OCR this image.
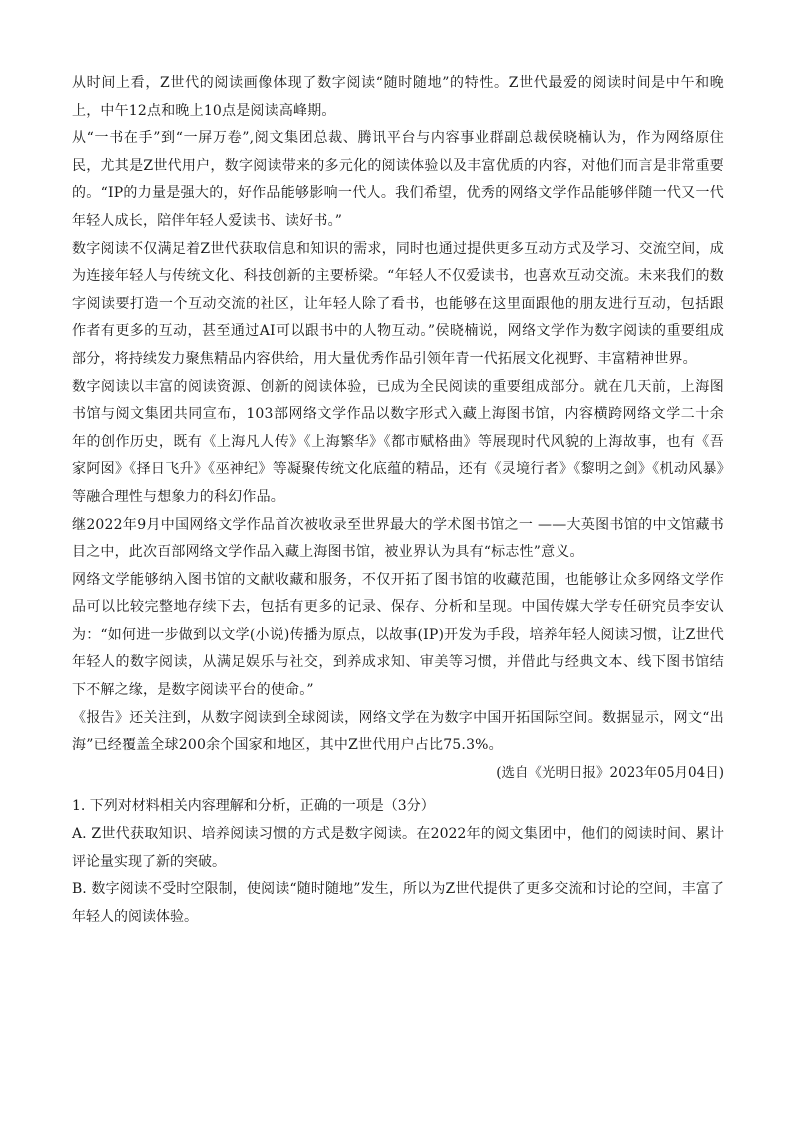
从时间上看，Z世代的阅读画像体现了数字阅读“随时随地”的特性。Z世代最爱的阅读时间是中午和晚上，中午12点和晚上10点是阅读高峰期。

从“一书在手”到“一屏万卷”,阅文集团总裁、腾讯平台与内容事业群副总裁侯晓楠认为，作为网络原住民，尤其是Z世代用户，数字阅读带来的多元化的阅读体验以及丰富优质的内容，对他们而言是非常重要的。“IP的力量是强大的，好作品能够影响一代人。我们希望，优秀的网络文学作品能够伴随一代又一代年轻人成长，陪伴年轻人爱读书、读好书。”

数字阅读不仅满足着Z世代获取信息和知识的需求，同时也通过提供更多互动方式及学习、交流空间，成为连接年轻人与传统文化、科技创新的主要桥梁。“年轻人不仅爱读书，也喜欢互动交流。未来我们的数字阅读要打造一个互动交流的社区，让年轻人除了看书，也能够在这里面跟他的朋友进行互动，包括跟作者有更多的互动，甚至通过AI可以跟书中的人物互动。”侯晓楠说，网络文学作为数字阅读的重要组成部分，将持续发力聚焦精品内容供给，用大量优秀作品引领年青一代拓展文化视野、丰富精神世界。

数字阅读以丰富的阅读资源、创新的阅读体验，已成为全民阅读的重要组成部分。就在几天前，上海图书馆与阅文集团共同宣布，103部网络文学作品以数字形式入藏上海图书馆，内容横跨网络文学二十余年的创作历史，既有《上海凡人传》《上海繁华》《都市赋格曲》等展现时代风貌的上海故事，也有《吾家阿囡》《择日飞升》《巫神纪》等凝聚传统文化底蕴的精品，还有《灵境行者》《黎明之剑》《机动风暴》等融合理性与想象力的科幻作品。

继2022年9月中国网络文学作品首次被收录至世界最大的学术图书馆之一 ——大英图书馆的中文馆藏书目之中，此次百部网络文学作品入藏上海图书馆，被业界认为具有“标志性”意义。

网络文学能够纳入图书馆的文献收藏和服务，不仅开拓了图书馆的收藏范围，也能够让众多网络文学作品可以比较完整地存续下去，包括有更多的记录、保存、分析和呈现。中国传媒大学专任研究员李安认为：“如何进一步做到以文学(小说)传播为原点，以故事(IP)开发为手段，培养年轻人阅读习惯，让Z世代年轻人的数字阅读，从满足娱乐与社交，到养成求知、审美等习惯，并借此与经典文本、线下图书馆结下不解之缘，是数字阅读平台的使命。”

《报告》还关注到，从数字阅读到全球阅读，网络文学在为数字中国开拓国际空间。数据显示，网文“出海”已经覆盖全球200余个国家和地区，其中Z世代用户占比75.3%。

(选自《光明日报》2023年05月04日)

1. 下列对材料相关内容理解和分析，正确的一项是（3分）

A. Z世代获取知识、培养阅读习惯的方式是数字阅读。在2022年的阅文集团中，他们的阅读时间、累计评论量实现了新的突破。

B. 数字阅读不受时空限制，使阅读“随时随地”发生，所以为Z世代提供了更多交流和讨论的空间，丰富了年轻人的阅读体验。
